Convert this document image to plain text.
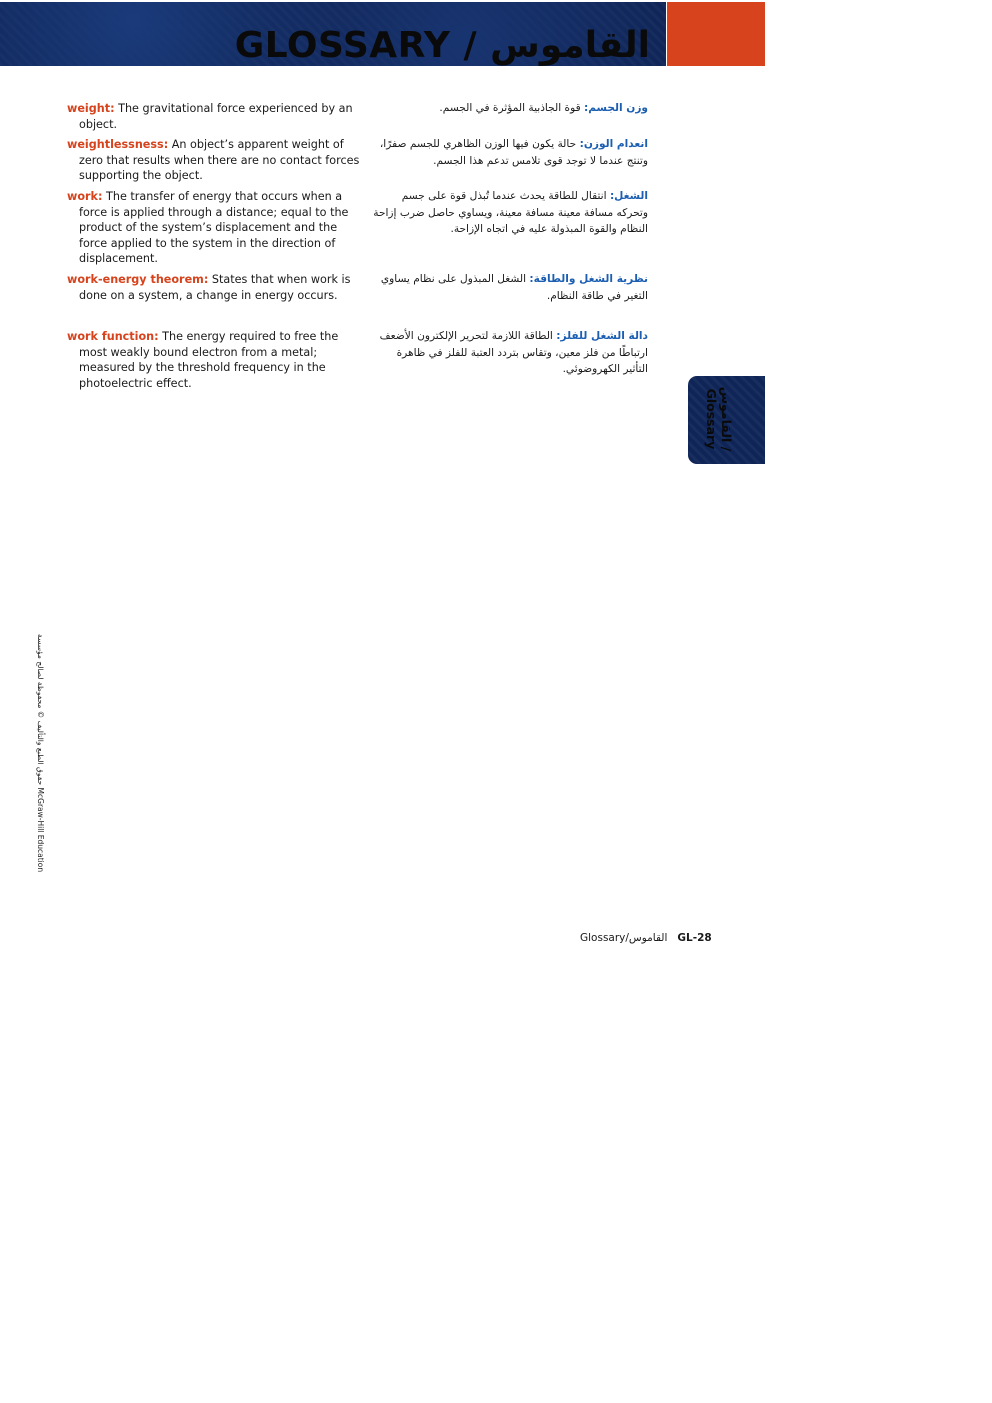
GLOSSARY / القاموس

weight: The gravitational force experienced by an object.

weightlessness: An object’s apparent weight of zero that results when there are no contact forces supporting the object.

work: The transfer of energy that occurs when a force is applied through a distance; equal to the product of the system’s displacement and the force applied to the system in the direction of displacement.

work-energy theorem: States that when work is done on a system, a change in energy occurs.

work function: The energy required to free the most weakly bound electron from a metal; measured by the threshold frequency in the photoelectric effect.

وزن الجسم: قوة الجاذبية المؤثرة في الجسم.

انعدام الوزن: حالة يكون فيها الوزن الظاهري للجسم صفرًا، وتنتج عندما لا توجد قوى تلامس تدعم هذا الجسم.

الشغل: انتقال للطاقة يحدث عندما تُبذل قوة على جسم وتحركه مسافة معينة مسافة معينة، ويساوي حاصل ضرب إزاحة النظام والقوة المبذولة عليه في اتجاه الإزاحة.

نظرية الشغل والطاقة: الشغل المبذول على نظام يساوي التغير في طاقة النظام.

دالة الشغل للفلز: الطاقة اللازمة لتحرير الإلكترون الأضعف ارتباطًا من فلز معين، وتقاس بتردد العتبة للفلز في ظاهرة التأثير الكهروضوئي.

القاموس /
Glossary
حقوق الطبع والتأليف © محفوظة لصالح مؤسسة McGraw-Hill Education
Glossary/القاموس GL-28
